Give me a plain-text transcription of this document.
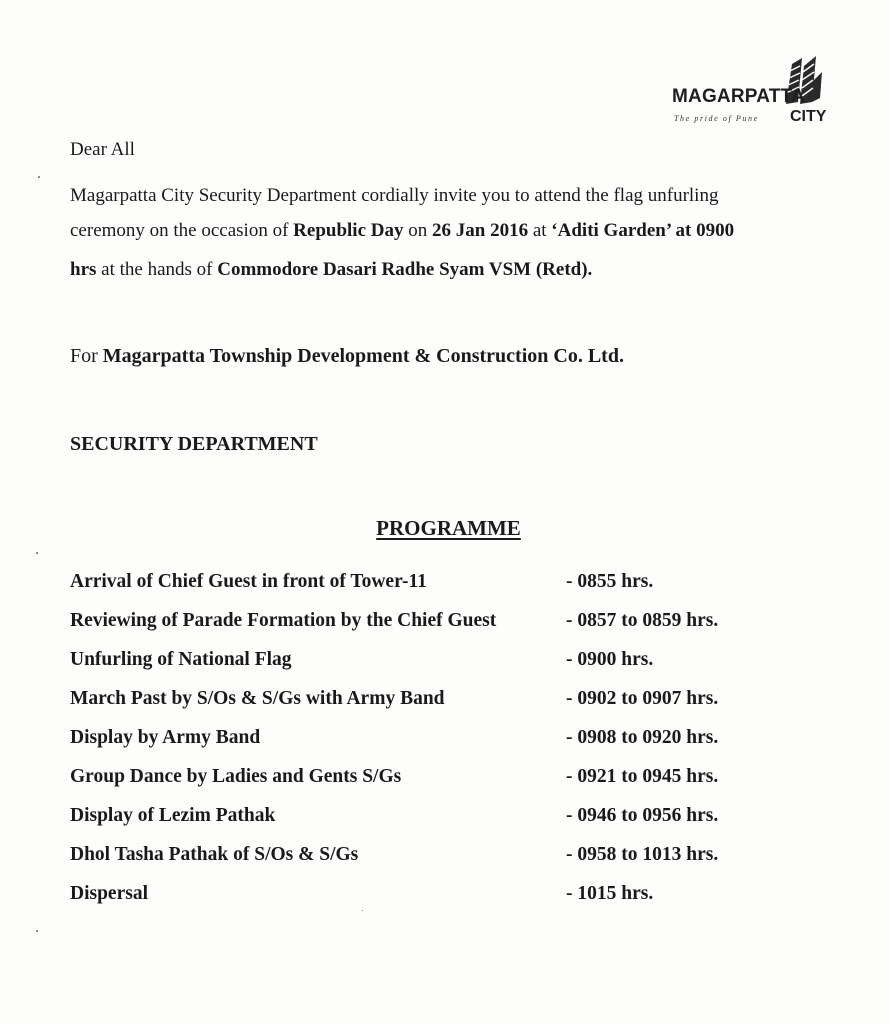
MAGARPATTA
The pride of Pune CITY
Dear All
Magarpatta City Security Department cordially invite you to attend the flag unfurling
ceremony on the occasion of Republic Day on 26 Jan 2016 at ‘Aditi Garden’ at 0900
hrs at the hands of Commodore Dasari Radhe Syam VSM (Retd).
For Magarpatta Township Development & Construction Co. Ltd.
SECURITY DEPARTMENT
PROGRAMME
Arrival of Chief Guest in front of Tower-11	- 0855 hrs.
Reviewing of Parade Formation by the Chief Guest	- 0857 to 0859 hrs.
Unfurling of National Flag	- 0900 hrs.
March Past by S/Os & S/Gs with Army Band	- 0902 to 0907 hrs.
Display by Army Band	- 0908 to 0920 hrs.
Group Dance by Ladies and Gents S/Gs	- 0921 to 0945 hrs.
Display of Lezim Pathak	- 0946 to 0956 hrs.
Dhol Tasha Pathak of S/Os & S/Gs	- 0958 to 1013 hrs.
Dispersal	- 1015 hrs.
